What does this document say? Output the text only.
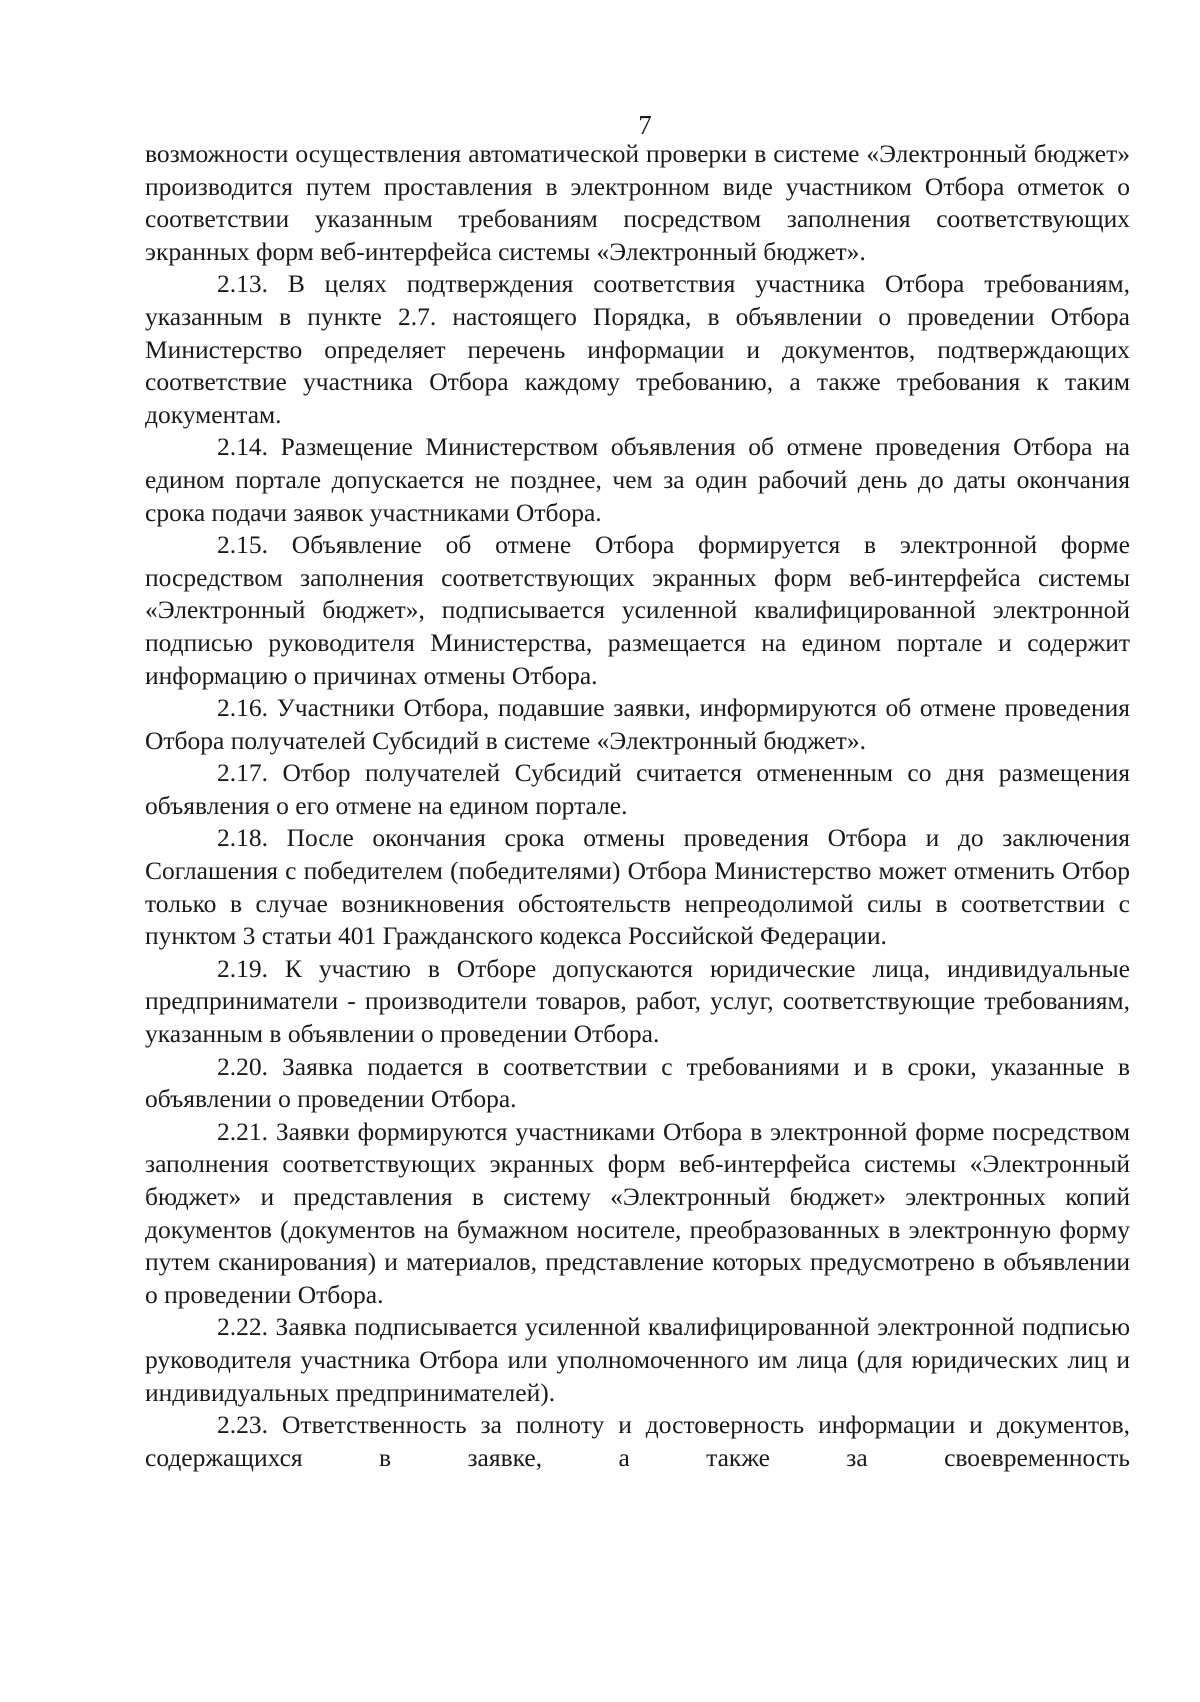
7

возможности осуществления автоматической проверки в системе «Электронный бюджет» производится путем проставления в электронном виде участником Отбора отметок о соответствии указанным требованиям посредством заполнения соответствующих экранных форм веб-интерфейса системы «Электронный бюджет».

2.13. В целях подтверждения соответствия участника Отбора требованиям, указанным в пункте 2.7. настоящего Порядка, в объявлении о проведении Отбора Министерство определяет перечень информации и документов, подтверждающих соответствие участника Отбора каждому требованию, а также требования к таким документам.

2.14. Размещение Министерством объявления об отмене проведения Отбора на едином портале допускается не позднее, чем за один рабочий день до даты окончания срока подачи заявок участниками Отбора.

2.15. Объявление об отмене Отбора формируется в электронной форме посредством заполнения соответствующих экранных форм веб-интерфейса системы «Электронный бюджет», подписывается усиленной квалифицированной электронной подписью руководителя Министерства, размещается на едином портале и содержит информацию о причинах отмены Отбора.

2.16. Участники Отбора, подавшие заявки, информируются об отмене проведения Отбора получателей Субсидий в системе «Электронный бюджет».

2.17. Отбор получателей Субсидий считается отмененным со дня размещения объявления о его отмене на едином портале.

2.18. После окончания срока отмены проведения Отбора и до заключения Соглашения с победителем (победителями) Отбора Министерство может отменить Отбор только в случае возникновения обстоятельств непреодолимой силы в соответствии с пунктом 3 статьи 401 Гражданского кодекса Российской Федерации.

2.19. К участию в Отборе допускаются юридические лица, индивидуальные предприниматели - производители товаров, работ, услуг, соответствующие требованиям, указанным в объявлении о проведении Отбора.

2.20. Заявка подается в соответствии с требованиями и в сроки, указанные в объявлении о проведении Отбора.

2.21. Заявки формируются участниками Отбора в электронной форме посредством заполнения соответствующих экранных форм веб-интерфейса системы «Электронный бюджет» и представления в систему «Электронный бюджет» электронных копий документов (документов на бумажном носителе, преобразованных в электронную форму путем сканирования) и материалов, представление которых предусмотрено в объявлении о проведении Отбора.

2.22. Заявка подписывается усиленной квалифицированной электронной подписью руководителя участника Отбора или уполномоченного им лица (для юридических лиц и индивидуальных предпринимателей).

2.23. Ответственность за полноту и достоверность информации и документов, содержащихся в заявке, а также за своевременность
